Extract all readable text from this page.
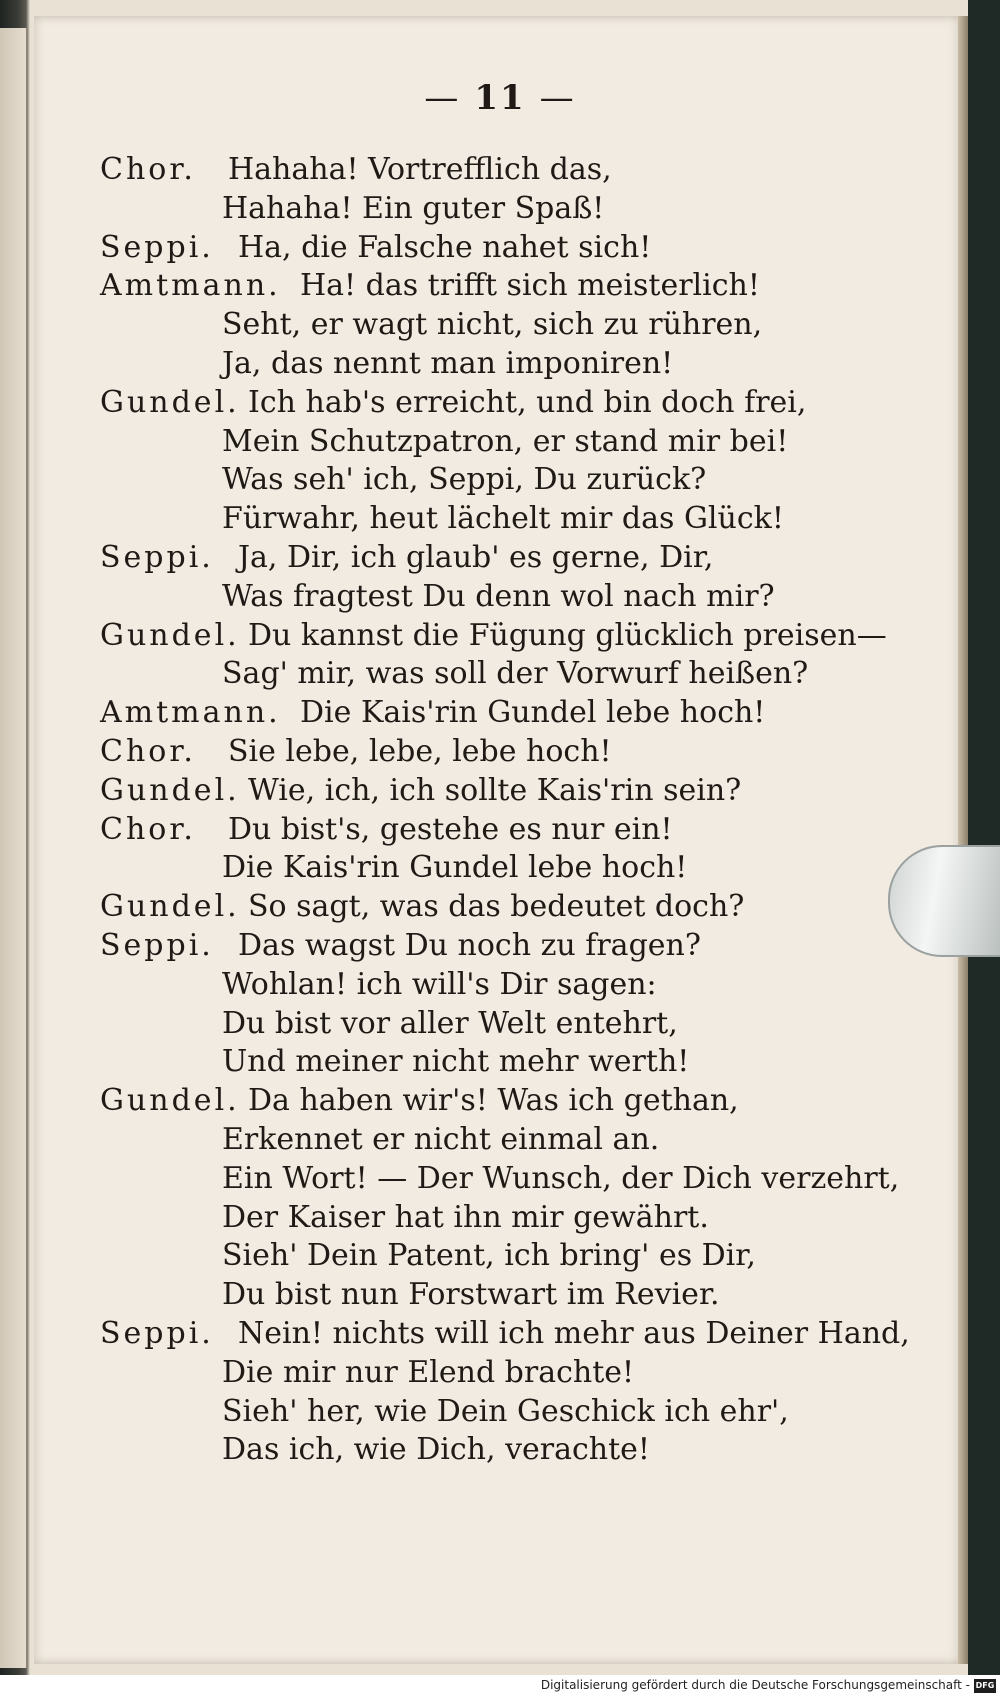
— 11 —
Chor. Hahaha! Vortrefflich das,
Hahaha! Ein guter Spaß!
Seppi. Ha, die Falsche nahet sich!
Amtmann. Ha! das trifft sich meisterlich!
Seht, er wagt nicht, sich zu rühren,
Ja, das nennt man imponiren!
Gundel. Ich hab's erreicht, und bin doch frei,
Mein Schutzpatron, er stand mir bei!
Was seh' ich, Seppi, Du zurück?
Fürwahr, heut lächelt mir das Glück!
Seppi. Ja, Dir, ich glaub' es gerne, Dir,
Was fragtest Du denn wol nach mir?
Gundel. Du kannst die Fügung glücklich preisen—
Sag' mir, was soll der Vorwurf heißen?
Amtmann. Die Kais'rin Gundel lebe hoch!
Chor. Sie lebe, lebe, lebe hoch!
Gundel. Wie, ich, ich sollte Kais'rin sein?
Chor. Du bist's, gestehe es nur ein!
Die Kais'rin Gundel lebe hoch!
Gundel. So sagt, was das bedeutet doch?
Seppi. Das wagst Du noch zu fragen?
Wohlan! ich will's Dir sagen:
Du bist vor aller Welt entehrt,
Und meiner nicht mehr werth!
Gundel. Da haben wir's! Was ich gethan,
Erkennet er nicht einmal an.
Ein Wort! — Der Wunsch, der Dich verzehrt,
Der Kaiser hat ihn mir gewährt.
Sieh' Dein Patent, ich bring' es Dir,
Du bist nun Forstwart im Revier.
Seppi. Nein! nichts will ich mehr aus Deiner Hand,
Die mir nur Elend brachte!
Sieh' her, wie Dein Geschick ich ehr',
Das ich, wie Dich, verachte!
Digitalisierung gefördert durch die Deutsche Forschungsgemeinschaft - DFG
